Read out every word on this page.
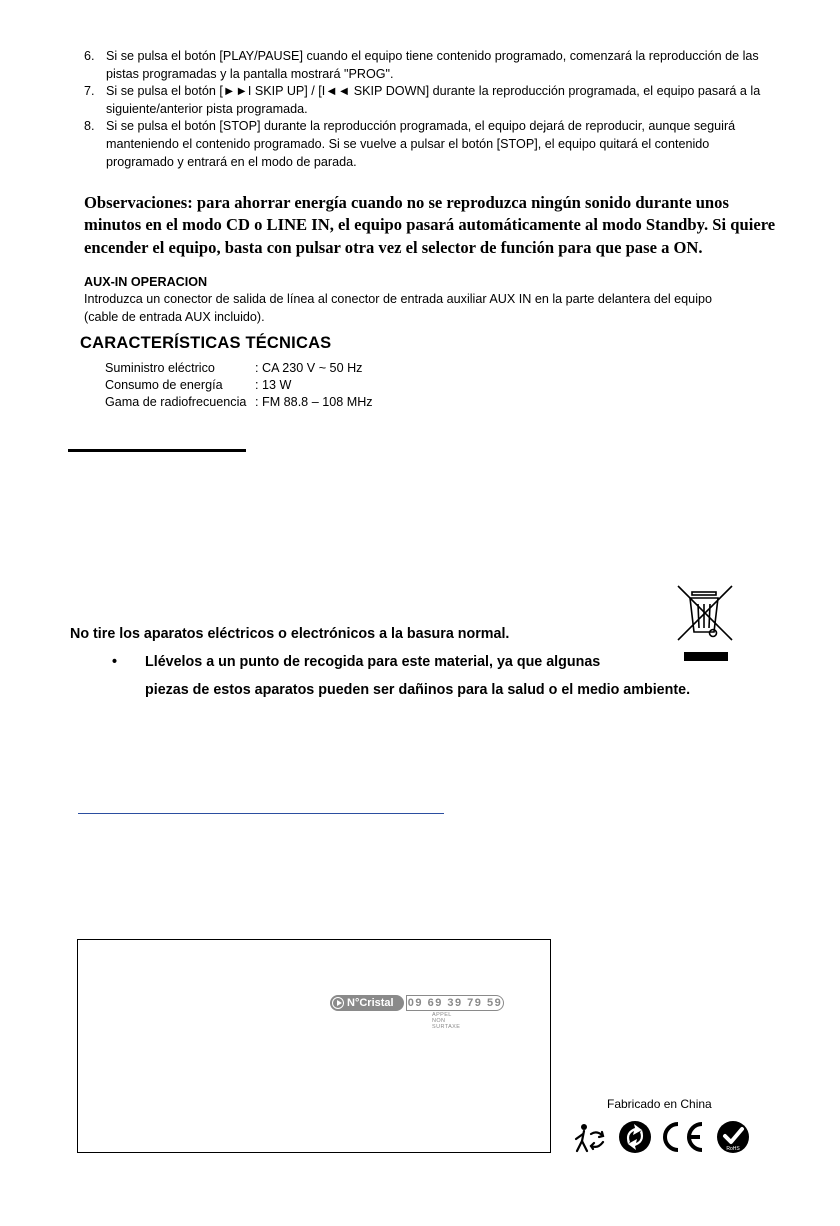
6. Si se pulsa el botón [PLAY/PAUSE] cuando el equipo tiene contenido programado, comenzará la reproducción de las pistas programadas y la pantalla mostrará "PROG".

7. Si se pulsa el botón [►►I SKIP UP] / [I◄◄ SKIP DOWN] durante la reproducción programada, el equipo pasará a la siguiente/anterior pista programada.

8. Si se pulsa el botón [STOP] durante la reproducción programada, el equipo dejará de reproducir, aunque seguirá manteniendo el contenido programado. Si se vuelve a pulsar el botón [STOP], el equipo quitará el contenido programado y entrará en el modo de parada.

Observaciones: para ahorrar energía cuando no se reproduzca ningún sonido durante unos minutos en el modo CD o LINE IN, el equipo pasará automáticamente al modo Standby. Si quiere encender el equipo, basta con pulsar otra vez el selector de función para que pase a ON.
AUX-IN OPERACION
Introduzca un conector de salida de línea al conector de entrada auxiliar AUX IN en la parte delantera del equipo (cable de entrada AUX incluido).
CARACTERÍSTICAS TÉCNICAS
Suministro eléctrico	: CA 230 V ~ 50 Hz
Consumo de energía	: 13 W
Gama de radiofrecuencia : FM 88.8 – 108 MHz
No tire los aparatos eléctricos o electrónicos a la basura normal.
• Llévelos a un punto de recogida para este material, ya que algunas
piezas de estos aparatos pueden ser dañinos para la salud o el medio ambiente.
N°Cristal 09 69 39 79 59
APPEL NON SURTAXE
Fabricado en China
RoHS
